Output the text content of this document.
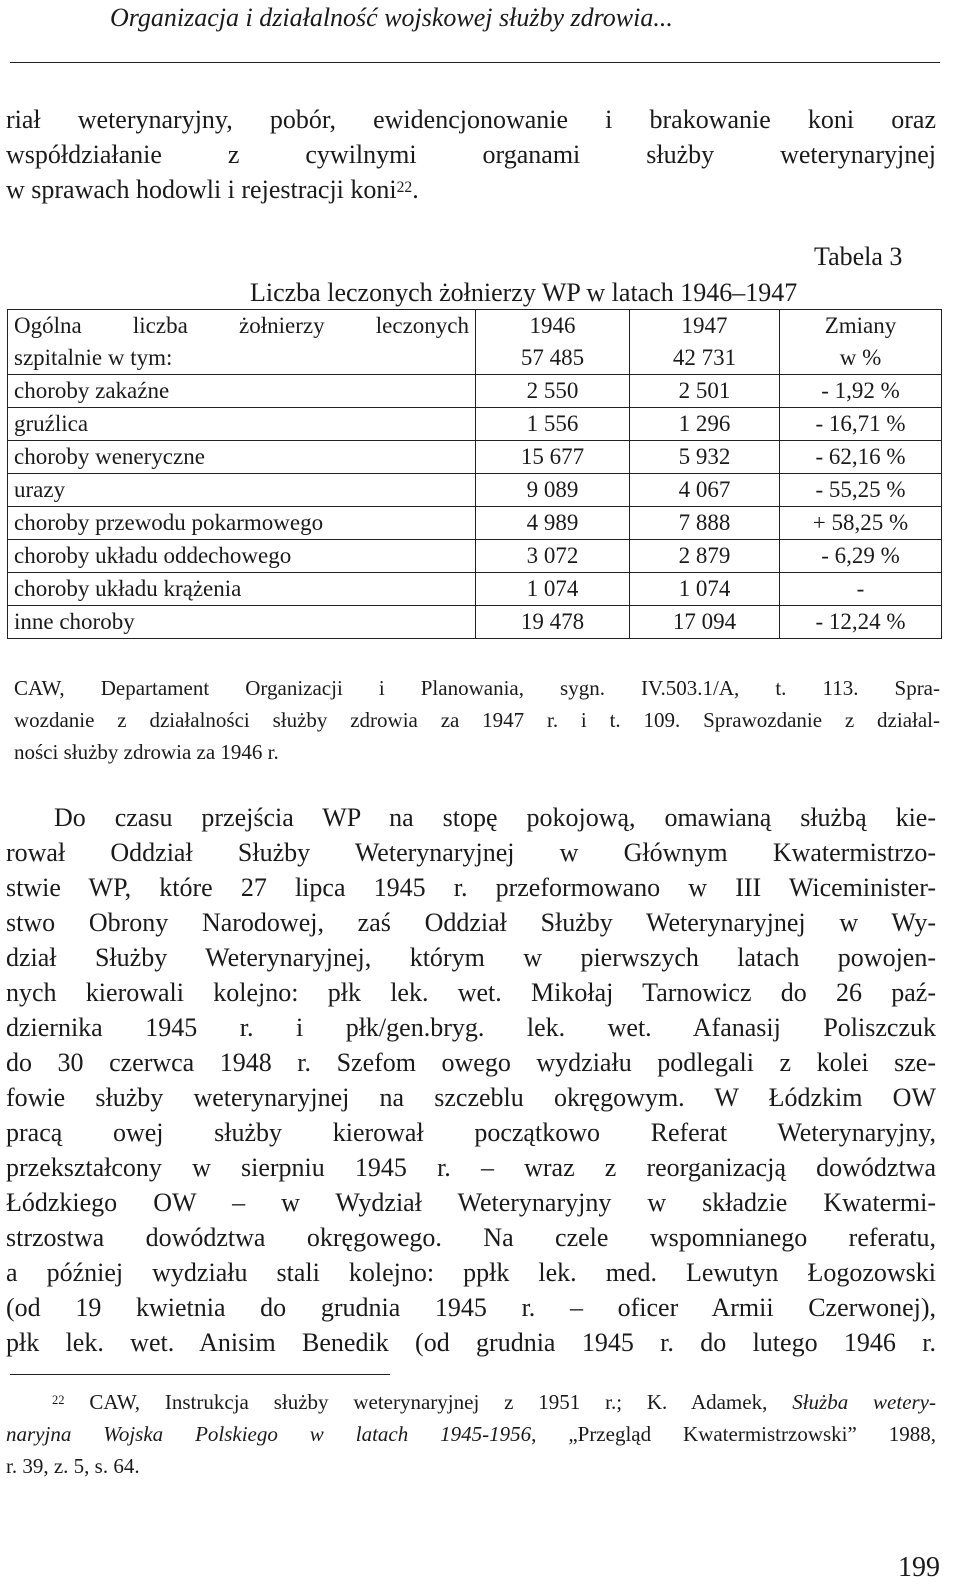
Organizacja i działalność wojskowej służby zdrowia...
riał weterynaryjny, pobór, ewidencjonowanie i brakowanie koni oraz
współdziałanie z cywilnymi organami służby weterynaryjnej
w sprawach hodowli i rejestracji koni$^{22}$.
Tabela 3
Liczba leczonych żołnierzy WP w latach 1946–1947
Ogólna liczba żołnierzy leczonych	1946	1947	Zmiany
szpitalnie w tym:	57 485	42 731	w %
choroby zakaźne	2 550	2 501	- 1,92 %
gruźlica	1 556	1 296	- 16,71 %
choroby weneryczne	15 677	5 932	- 62,16 %
urazy	9 089	4 067	- 55,25 %
choroby przewodu pokarmowego	4 989	7 888	+ 58,25 %
choroby układu oddechowego	3 072	2 879	- 6,29 %
choroby układu krążenia	1 074	1 074	-
inne choroby	19 478	17 094	- 12,24 %
CAW, Departament Organizacji i Planowania, sygn. IV.503.1/A, t. 113. Spra-
wozdanie z działalności służby zdrowia za 1947 r. i t. 109. Sprawozdanie z działal-
ności służby zdrowia za 1946 r.
Do czasu przejścia WP na stopę pokojową, omawianą służbą kie-
rował Oddział Służby Weterynaryjnej w Głównym Kwatermistrzo-
stwie WP, które 27 lipca 1945 r. przeformowano w III Wiceminister-
stwo Obrony Narodowej, zaś Oddział Służby Weterynaryjnej w Wy-
dział Służby Weterynaryjnej, którym w pierwszych latach powojen-
nych kierowali kolejno: płk lek. wet. Mikołaj Tarnowicz do 26 paź-
dziernika 1945 r. i płk/gen.bryg. lek. wet. Afanasij Poliszczuk
do 30 czerwca 1948 r. Szefom owego wydziału podlegali z kolei sze-
fowie służby weterynaryjnej na szczeblu okręgowym. W Łódzkim OW
pracą owej służby kierował początkowo Referat Weterynaryjny,
przekształcony w sierpniu 1945 r. – wraz z reorganizacją dowództwa
Łódzkiego OW – w Wydział Weterynaryjny w składzie Kwatermi-
strzostwa dowództwa okręgowego. Na czele wspomnianego referatu,
a później wydziału stali kolejno: ppłk lek. med. Lewutyn Łogozowski
(od 19 kwietnia do grudnia 1945 r. – oficer Armii Czerwonej),
płk lek. wet. Anisim Benedik (od grudnia 1945 r. do lutego 1946 r.
$^{22}$ CAW, Instrukcja służby weterynaryjnej z 1951 r.; K. Adamek, Służba wetery-
naryjna Wojska Polskiego w latach 1945-1956, „Przegląd Kwatermistrzowski” 1988,
r. 39, z. 5, s. 64.
199
